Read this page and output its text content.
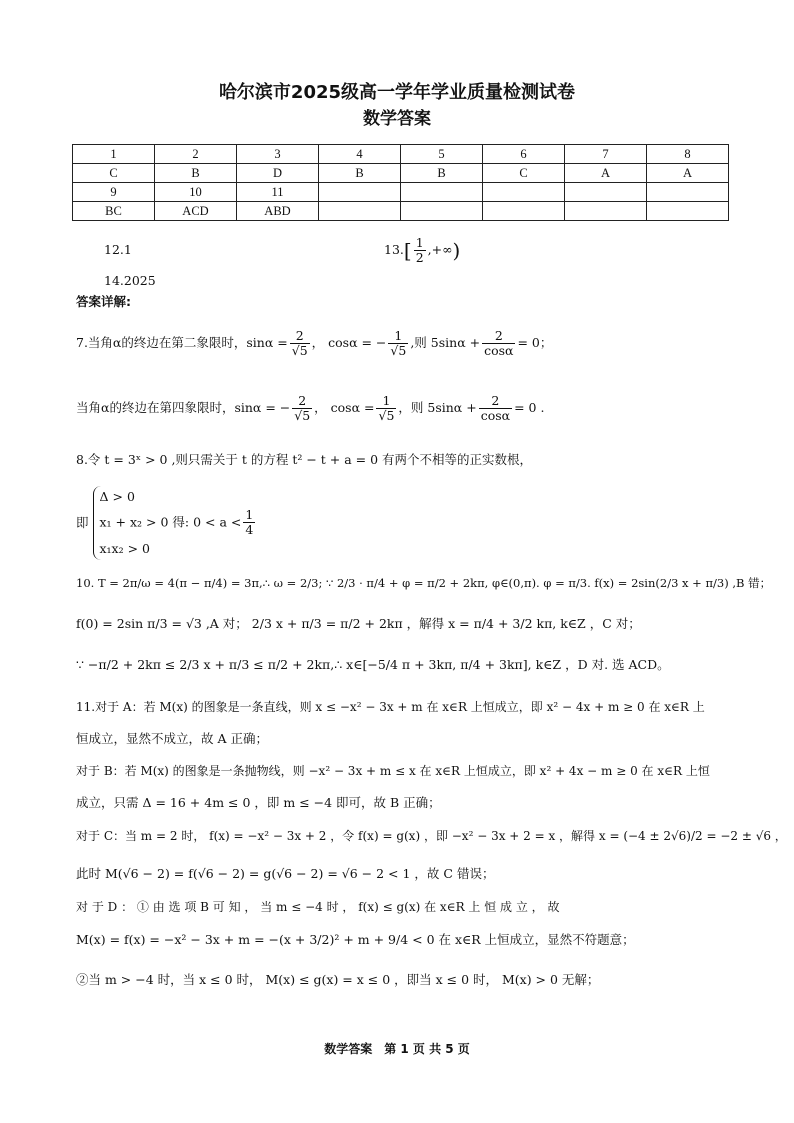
哈尔滨市2025级高一学年学业质量检测试卷
数学答案
1	2	3	4	5	6	7	8
C	B	D	B	B	C	A	A
9	10	11					
BC	ACD	ABD					
12.1	$13.[ \frac{1}{2}$ ,+∞)
14.2025
答案详解:
7.当角α的终边在第二象限时，$\sin\alpha = \frac{2}{√5}$ ， cosα = − $\frac{1}{√5}$ ,则 $5\sin\alpha + \frac{2}{\cos\alpha} = 0$；
当角α的终边在第四象限时，sinα = − $\frac{2}{√5}$ ， $\cos\alpha = \frac{1}{√5}$ ，则 $5\sin\alpha + \frac{2}{\cos\alpha} = 0$ .
8.令 t = 3ˣ > 0 ,则只需关于 t 的方程 t² − t + a = 0 有两个不相等的正实数根，
即
Δ > 0
x₁ + x₂ > 0 得: $0 < a < \frac{1}{4}$
x₁x₂ > 0
10. T = 2π/ω = 4(π − π/4) = 3π,∴ ω = 2/3; ∵ 2/3 · π/4 + φ = π/2 + 2kπ, φ∈(0,π). φ = π/3. f(x) = 2sin(2/3 x + π/3) ,B 错；
f(0) = 2sin π/3 = √3 ,A 对； 2/3 x + π/3 = π/2 + 2kπ ，解得 x = π/4 + 3/2 kπ, k∈Z ，C 对；
∵ −π/2 + 2kπ ≤ 2/3 x + π/3 ≤ π/2 + 2kπ,∴ x∈[−5/4 π + 3kπ, π/4 + 3kπ], k∈Z ，D 对. 选 ACD。
11.对于 A：若 M(x) 的图象是一条直线，则 x ≤ −x² − 3x + m 在 x∈R 上恒成立，即 x² − 4x + m ≥ 0 在 x∈R 上
恒成立，显然不成立，故 A 正确；
对于 B：若 M(x) 的图象是一条抛物线，则 −x² − 3x + m ≤ x 在 x∈R 上恒成立，即 x² + 4x − m ≥ 0 在 x∈R 上恒
成立，只需 Δ = 16 + 4m ≤ 0 ，即 m ≤ −4 即可，故 B 正确；
对于 C：当 m = 2 时， f(x) = −x² − 3x + 2 ，令 f(x) = g(x) ，即 −x² − 3x + 2 = x ，解得 x = (−4 ± 2√6)/2 = −2 ± √6 ，
此时 M(√6 − 2) = f(√6 − 2) = g(√6 − 2) = √6 − 2 < 1 ，故 C 错误；
对 于 D ： ① 由 选 项 B 可 知 ， 当 m ≤ −4 时 ， f(x) ≤ g(x) 在 x∈R 上 恒 成 立 ， 故
M(x) = f(x) = −x² − 3x + m = −(x + 3/2)² + m + 9/4 < 0 在 x∈R 上恒成立，显然不符题意；
②当 m > −4 时，当 x ≤ 0 时， M(x) ≤ g(x) = x ≤ 0 ，即当 x ≤ 0 时， M(x) > 0 无解；
数学答案 第 1 页 共 5 页
